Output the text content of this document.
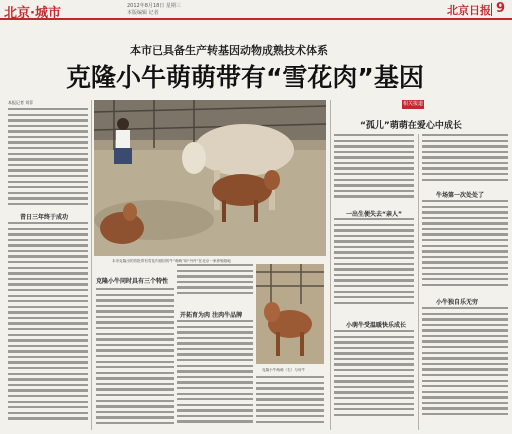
北京·城市	2012年8月18日 星期三
本版编辑 记者	北京日报 9
本市已具备生产转基因动物成熟技术体系
克隆小牛萌萌带有“雪花肉”基因
本报记者 刘菲
昔日三年终于成功
本市克隆出的首批带有雪花肉基因的牛“萌萌”和“丹丹”在北京一家养殖基地
克隆小牛同时具有三个特性
开拓育为肉 注肉牛品牌
克隆小牛萌萌（右）与母牛
相关报道
“孤儿”萌萌在爱心中成长
一出生便失去“亲人”
小萌牛受温暖快乐成长
牛场第一次处处了
小牛独自乐无穷
